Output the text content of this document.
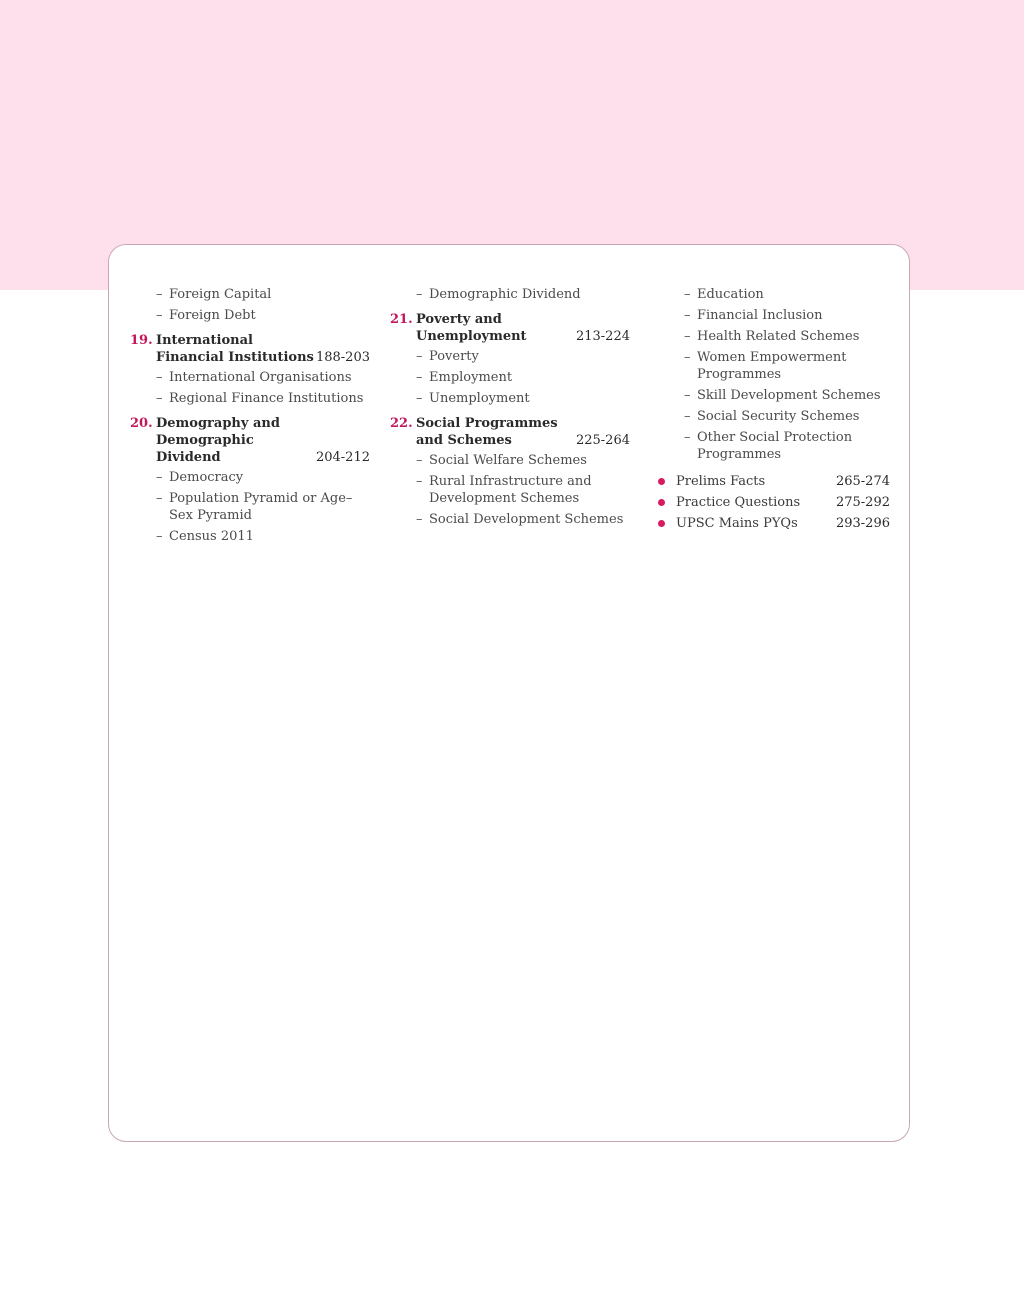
– Foreign Capital
– Foreign Debt
19. International Financial Institutions 188-203
– International Organisations
– Regional Finance Institutions
20. Demography and Demographic Dividend	204-212
– Democracy
– Population Pyramid or Age–Sex Pyramid
– Census 2011
– Demographic Dividend
21. Poverty and Unemployment	213-224
– Poverty
– Employment
– Unemployment
22. Social Programmes and Schemes	225-264
– Social Welfare Schemes
– Rural Infrastructure and Development Schemes
– Social Development Schemes
– Education
– Financial Inclusion
– Health Related Schemes
– Women Empowerment Programmes
– Skill Development Schemes
– Social Security Schemes
– Other Social Protection Programmes
Prelims Facts	265-274
Practice Questions	275-292
UPSC Mains PYQs	293-296
